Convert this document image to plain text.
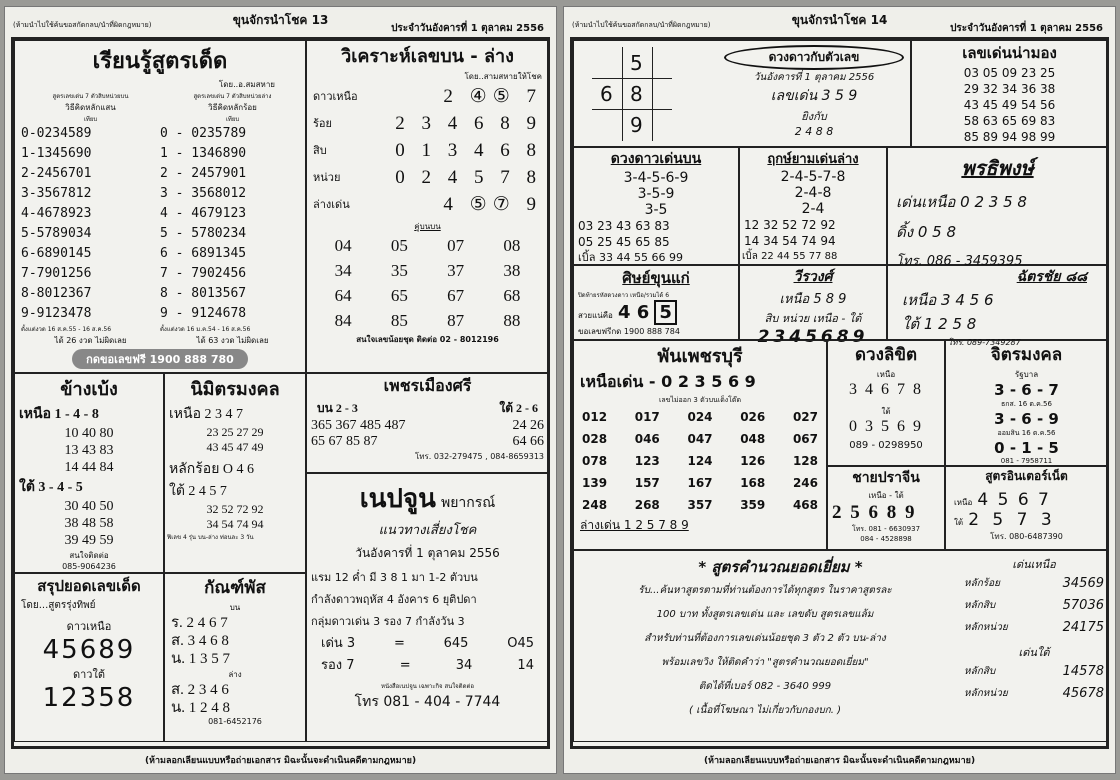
(ห้ามนำไปใช้ค้นขอสกัดกลบ/นำที่ผิดกฎหมาย)	ขุนจักรนำโชค 13
ประจำวันอังคารที่ 1 ตุลาคม 2556
เรียนรู้สูตรเด็ด
โดย..อ.สมสหาย
สูตรเลขเด่น 7 ตัวสิบหน่วยบน
วิธีคิดหลักแสน
เทียบ
0-0234589
1-1345690
2-2456701
3-3567812
4-4678923
5-5789034
6-6890145
7-7901256
8-8012367
9-9123478
ตั้งแต่งวด 16 ส.ค.55 - 16 ส.ค.56
ได้ 26 งวด ไม่ผิดเลย
สูตรเลขเด่น 7 ตัวสิบหน่วยล่าง
วิธีคิดหลักร้อย
เทียบ
0 - 0235789
1 - 1346890
2 - 2457901
3 - 3568012
4 - 4679123
5 - 5780234
6 - 6891345
7 - 7902456
8 - 8013567
9 - 9124678
ตั้งแต่งวด 16 ม.ค.54 - 16 ส.ค.56
ได้ 63 งวด ไม่ผิดเลย
กดขอเลขฟรี 1900 888 780
วิเคราะห์เลขบน - ล่าง
โดย..สามสหายให้โชค
ดาวเหนือ	2 ④⑤ 7
ร้อย	2 3 4 6 8 9
สิบ	0 1 3 4 6 8
หน่วย	0 2 4 5 7 8
ล่างเด่น	4 ⑤⑦ 9
คู่บนบน
04	05	07	08
34	35	37	38
64	65	67	68
84	85	87	88
สนใจเลขน้อยชุด ติดต่อ 02 - 8012196
ข้างเบ้ง
เหนือ 1 - 4 - 8
10 40 80
13 43 83
14 44 84
ใต้ 3 - 4 - 5
30 40 50
38 48 58
39 49 59
สนใจติดต่อ
085-9064236
นิมิตรมงคล
เหนือ 2 3 4 7
23 25 27 29
43 45 47 49
หลักร้อย O 4 6
ใต้ 2 4 5 7
32 52 72 92
34 54 74 94
ฟิเลข 4 รุ่น บน-ล่าง ท่อนละ 3 วัน
เพชรเมืองศรี
บน 2 - 3	ใต้ 2 - 6
365 367 485 487	24 26
65 67 85 87	64 66
โทร. 032-279475 , 084-8659313
เนปจูน พยากรณ์
แนวทางเสี่ยงโชค
วันอังคารที่ 1 ตุลาคม 2556
แรม 12 ค่ำ มี 3 8 1 มา 1-2 ตัวบน
กำลังดาวพฤหัส 4 อังคาร 6 ยุติปดา
กลุ่มดาวเด่น 3 รอง 7 กำลังวัน 3
เด่น 3	=	645	O45
รอง 7	=	34	14
หนังสือเนปจูน เฉพาะกิจ สนใจติดต่อ
โทร 081 - 404 - 7744
สรุปยอดเลขเด็ด
โดย...สูตรรุ่งทิพย์
ดาวเหนือ
45689
ดาวใต้
12358
กัณฑ์พัส
บน
ร. 2 4 6 7
ส. 3 4 6 8
น. 1 3 5 7
ล่าง
ส. 2 3 4 6
น. 1 2 4 8
081-6452176
(ห้ามลอกเลียนแบบหรือถ่ายเอกสาร มิฉะนั้นจะดำเนินคดีตามกฎหมาย)
(ห้ามนำไปใช้ค้นขอสกัดกลบ/นำที่ผิดกฎหมาย)	ขุนจักรนำโชค 14
ประจำวันอังคารที่ 1 ตุลาคม 2556
5
6 8
9
ดวงดาวกับตัวเลข
วันอังคารที่ 1 ตุลาคม 2556
เลขเด่น 3 5 9
ยิงกับ
2 4 8 8
เลขเด่นน่ามอง
03 05 09 23 25
29 32 34 36 38
43 45 49 54 56
58 63 65 69 83
85 89 94 98 99
ดวงดาวเด่นบน
3-4-5-6-9
3-5-9
3-5
03 23 43 63 83
05 25 45 65 85
เบิ้ล 33 44 55 66 99
ฤกษ์ยามเด่นล่าง
2-4-5-7-8
2-4-8
2-4
12 32 52 72 92
14 34 54 74 94
เบิ้ล 22 44 55 77 88
พรธิพงษ์
เด่นเหนือ 0 2 3 5 8
ดิ้ง 0 5 8
โทร. 086 - 3459395
ศิษย์ขุนแก่
ปิดท้ายรหัสดวงดาว เหนือ/รวมได้ 6
สวยแน่คือ 4 6 5
ขอเลขฟรีกด 1900 888 784
วีรวงศ์
เหนือ 5 8 9
สิบ หน่วย เหนือ - ใต้
2345689
ฉัตรชัย ๘๘
เหนือ 3 4 5 6
ใต้ 1 2 5 8
โทร. 089-7349287
พันเพชรบุรี
เหนือเด่น - 0 2 3 5 6 9
เลขไม่ออก 3 ตัวบนเด็งโต๊ด
012 017 024 026 027
028 046 047 048 067
078 123 124 126 128
139 157 167 168 246
248 268 357 359 468
ล่างเด่น 1 2 5 7 8 9
ดวงลิขิต
เหนือ
3 4 6 7 8
ใต้
0 3 5 6 9
089 - 0298950
จิตรมงคล
รัฐบาล
3 - 6 - 7
ธกส. 16 ต.ค.56
3 - 6 - 9
ออมสิน 16 ต.ค.56
0 - 1 - 5
081 - 7958711
ชายปราจีน
เหนือ - ใต้
2 5 6 8 9
โทร. 081 - 6630937
084 - 4528898
สูตรอินเตอร์เน็ต
เหนือ 4 5 6 7
ใต้ 2 5 7 3
โทร. 080-6487390
* สูตรคำนวณยอดเยี่ยม *
รับ...ค้นหาสูตรตามที่ท่านต้องการได้ทุกสูตร ในราคาสูตรละ
100 บาท ทั้งสูตรเลขเด่น และ เลขดับ สูตรเลขแล้ม
สำหรับท่านที่ต้องการเลขเด่นน้อยชุด 3 ตัว 2 ตัว บน-ล่าง
พร้อมเลขวิง ให้ติดคำว่า "สูตรคำนวณยอดเยี่ยม"
ติดได้ที่เบอร์ 082 - 3640 999
( เนื้อที่โฆษณา ไม่เกี่ยวกับกองบก. )
เด่นเหนือ
หลักร้อย	34569
หลักสิบ	57036
หลักหน่วย	24175
เด่นใต้
หลักสิบ	14578
หลักหน่วย	45678
(ห้ามลอกเลียนแบบหรือถ่ายเอกสาร มิฉะนั้นจะดำเนินคดีตามกฎหมาย)
